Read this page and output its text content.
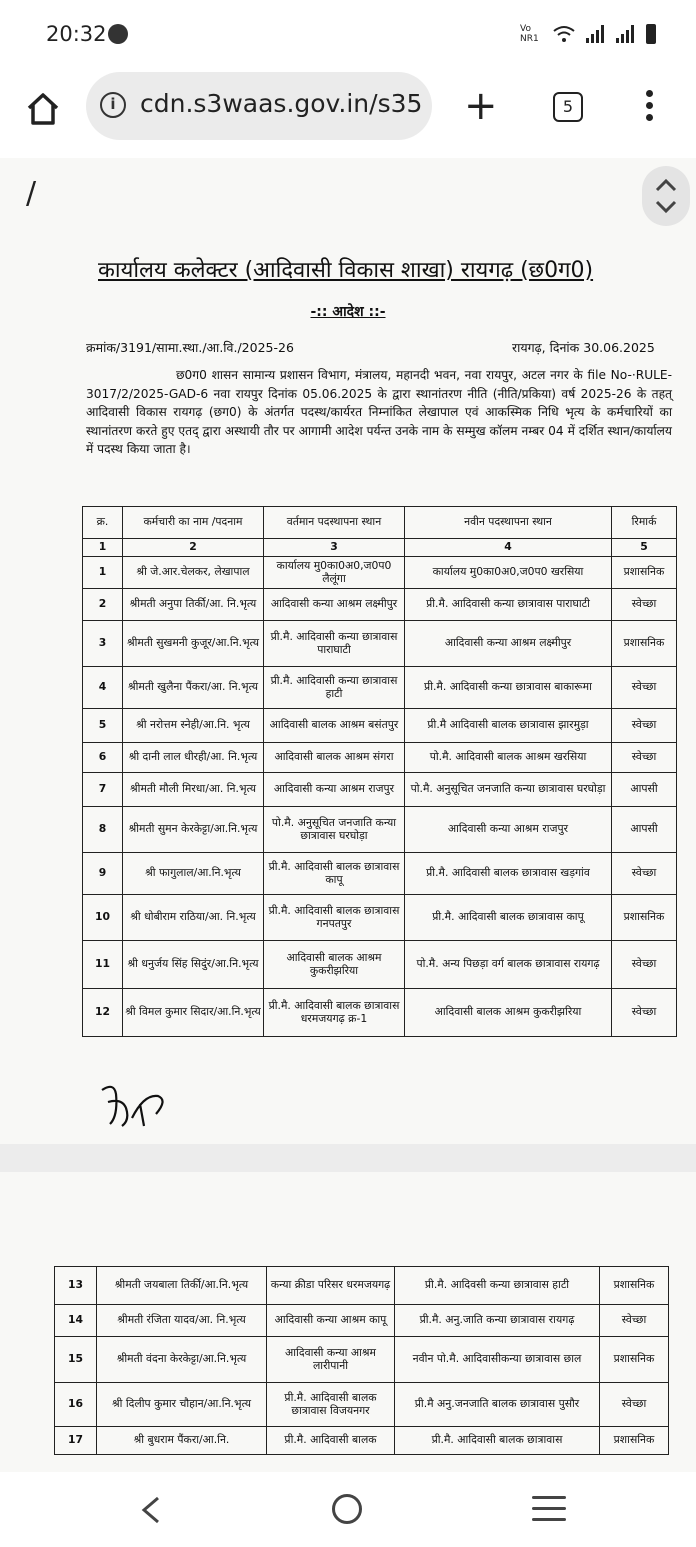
20:32	Vo NR1
i cdn.s3waas.gov.in/s35 +	5
/
कार्यालय कलेक्टर (आदिवासी विकास शाखा) रायगढ़ (छ0ग0)
-:: आदेश ::-
क्रमांक/3191/सामा.स्था./आ.वि./2025-26	रायगढ़, दिनांक 30.06.2025
छ0ग0 शासन सामान्य प्रशासन विभाग, मंत्रालय, महानदी भवन, नवा रायपुर, अटल नगर के file No-·RULE-3017/2/2025-GAD-6 नवा रायपुर दिनांक 05.06.2025 के द्वारा स्थानांतरण नीति (नीति/प्रकिया) वर्ष 2025-26 के तहत् आदिवासी विकास रायगढ़ (छग0) के अंतर्गत पदस्थ/कार्यरत निम्नांकित लेखापाल एवं आकस्मिक निधि भृत्य के कर्मचारियों का स्थानांतरण करते हुए एतद् द्वारा अस्थायी तौर पर आगामी आदेश पर्यन्त उनके नाम के सम्मुख कॉलम नम्बर 04 में दर्शित स्थान/कार्यालय में पदस्थ किया जाता है।
क्र.	कर्मचारी का नाम /पदनाम	वर्तमान पदस्थापना स्थान	नवीन पदस्थापना स्थान	रिमार्क
1	2	3	4	5
1	श्री जे.आर.चेलकर, लेखापाल	कार्यालय मु0का0अ0,ज0प0 लैलूंगा	कार्यालय मु0का0अ0,ज0प0 खरसिया	प्रशासनिक
2	श्रीमती अनुपा तिर्की/आ. नि.भृत्य	आदिवासी कन्या आश्रम लक्ष्मीपुर	प्री.मै. आदिवासी कन्या छात्रावास पाराघाटी	स्वेच्छा
3	श्रीमती सुखमनी कुजूर/आ.नि.भृत्य	प्री.मै. आदिवासी कन्या छात्रावास पाराघाटी	आदिवासी कन्या आश्रम लक्ष्मीपुर	प्रशासनिक
4	श्रीमती खुलैना पैंकरा/आ. नि.भृत्य	प्री.मै. आदिवासी कन्या छात्रावास हाटी	प्री.मै. आदिवासी कन्या छात्रावास बाकारूमा	स्वेच्छा
5	श्री नरोत्तम स्नेही/आ.नि. भृत्य	आदिवासी बालक आश्रम बसंतपुर	प्री.मै आदिवासी बालक छात्रावास झारमुड़ा	स्वेच्छा
6	श्री दानी लाल धीरही/आ. नि.भृत्य	आदिवासी बालक आश्रम संगरा	पो.मै. आदिवासी बालक आश्रम खरसिया	स्वेच्छा
7	श्रीमती मौली मिरधा/आ. नि.भृत्य	आदिवासी कन्या आश्रम राजपुर	पो.मै. अनुसूचित जनजाति कन्या छात्रावास घरघोड़ा	आपसी
8	श्रीमती सुमन केरकेट्टा/आ.नि.भृत्य	पो.मै. अनुसूचित जनजाति कन्या छात्रावास घरघोड़ा	आदिवासी कन्या आश्रम राजपुर	आपसी
9	श्री फागुलाल/आ.नि.भृत्य	प्री.मै. आदिवासी बालक छात्रावास कापू	प्री.मै. आदिवासी बालक छात्रावास खड़गांव	स्वेच्छा
10	श्री धोबीराम राठिया/आ. नि.भृत्य	प्री.मै. आदिवासी बालक छात्रावास गनपतपुर	प्री.मै. आदिवासी बालक छात्रावास कापू	प्रशासनिक
11	श्री धनुर्जय सिंह सिदुंर/आ.नि.भृत्य	आदिवासी बालक आश्रम कुकरीझरिया	पो.मै. अन्य पिछड़ा वर्ग बालक छात्रावास रायगढ़	स्वेच्छा
12	श्री विमल कुमार सिदार/आ.नि.भृत्य	प्री.मै. आदिवासी बालक छात्रावास धरमजयगढ़ क्र-1	आदिवासी बालक आश्रम कुकरीझरिया	स्वेच्छा
13	श्रीमती जयबाला तिर्की/आ.नि.भृत्य	कन्या क्रीडा परिसर धरमजयगढ़	प्री.मै. आदिवसी कन्या छात्रावास हाटी	प्रशासनिक
14	श्रीमती रंजिता यादव/आ. नि.भृत्य	आदिवासी कन्या आश्रम कापू	प्री.मै. अनु.जाति कन्या छात्रावास रायगढ़	स्वेच्छा
15	श्रीमती वंदना केरकेट्टा/आ.नि.भृत्य	आदिवासी कन्या आश्रम लारीपानी	नवीन पो.मै. आदिवासीकन्या छात्रावास छाल	प्रशासनिक
16	श्री दिलीप कुमार चौहान/आ.नि.भृत्य	प्री.मै. आदिवासी बालक छात्रावास विजयनगर	प्री.मै अनु.जनजाति बालक छात्रावास पुसौर	स्वेच्छा
17	श्री बुधराम पैंकरा/आ.नि.	प्री.मै. आदिवासी बालक	प्री.मै. आदिवासी बालक छात्रावास	प्रशासनिक
